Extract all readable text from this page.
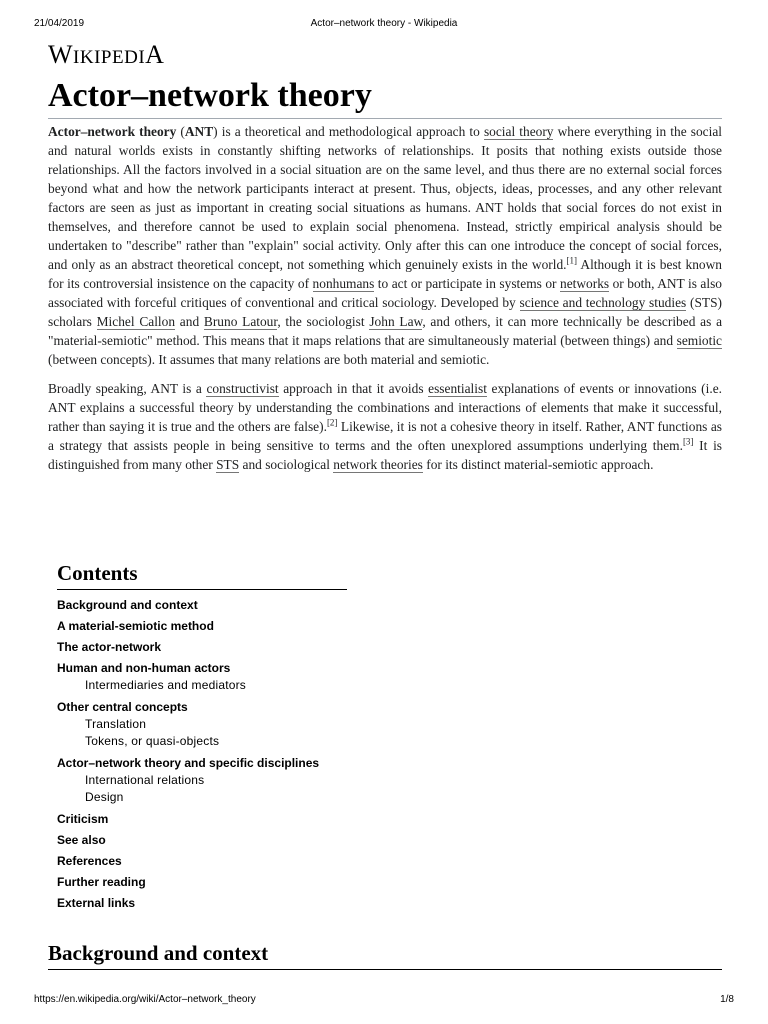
21/04/2019	Actor–network theory - Wikipedia
WIKIPEDIA
Actor–network theory

Actor–network theory (ANT) is a theoretical and methodological approach to social theory where everything in the social and natural worlds exists in constantly shifting networks of relationships. It posits that nothing exists outside those relationships. All the factors involved in a social situation are on the same level, and thus there are no external social forces beyond what and how the network participants interact at present. Thus, objects, ideas, processes, and any other relevant factors are seen as just as important in creating social situations as humans. ANT holds that social forces do not exist in themselves, and therefore cannot be used to explain social phenomena. Instead, strictly empirical analysis should be undertaken to "describe" rather than "explain" social activity. Only after this can one introduce the concept of social forces, and only as an abstract theoretical concept, not something which genuinely exists in the world.[1] Although it is best known for its controversial insistence on the capacity of nonhumans to act or participate in systems or networks or both, ANT is also associated with forceful critiques of conventional and critical sociology. Developed by science and technology studies (STS) scholars Michel Callon and Bruno Latour, the sociologist John Law, and others, it can more technically be described as a "material-semiotic" method. This means that it maps relations that are simultaneously material (between things) and semiotic (between concepts). It assumes that many relations are both material and semiotic.

Broadly speaking, ANT is a constructivist approach in that it avoids essentialist explanations of events or innovations (i.e. ANT explains a successful theory by understanding the combinations and interactions of elements that make it successful, rather than saying it is true and the others are false).[2] Likewise, it is not a cohesive theory in itself. Rather, ANT functions as a strategy that assists people in being sensitive to terms and the often unexplored assumptions underlying them.[3] It is distinguished from many other STS and sociological network theories for its distinct material-semiotic approach.

Contents
Background and context
A material-semiotic method
The actor-network
Human and non-human actors
Intermediaries and mediators
Other central concepts
Translation
Tokens, or quasi-objects
Actor–network theory and specific disciplines
International relations
Design
Criticism
See also
References
Further reading
External links
Background and context
https://en.wikipedia.org/wiki/Actor–network_theory	1/8
